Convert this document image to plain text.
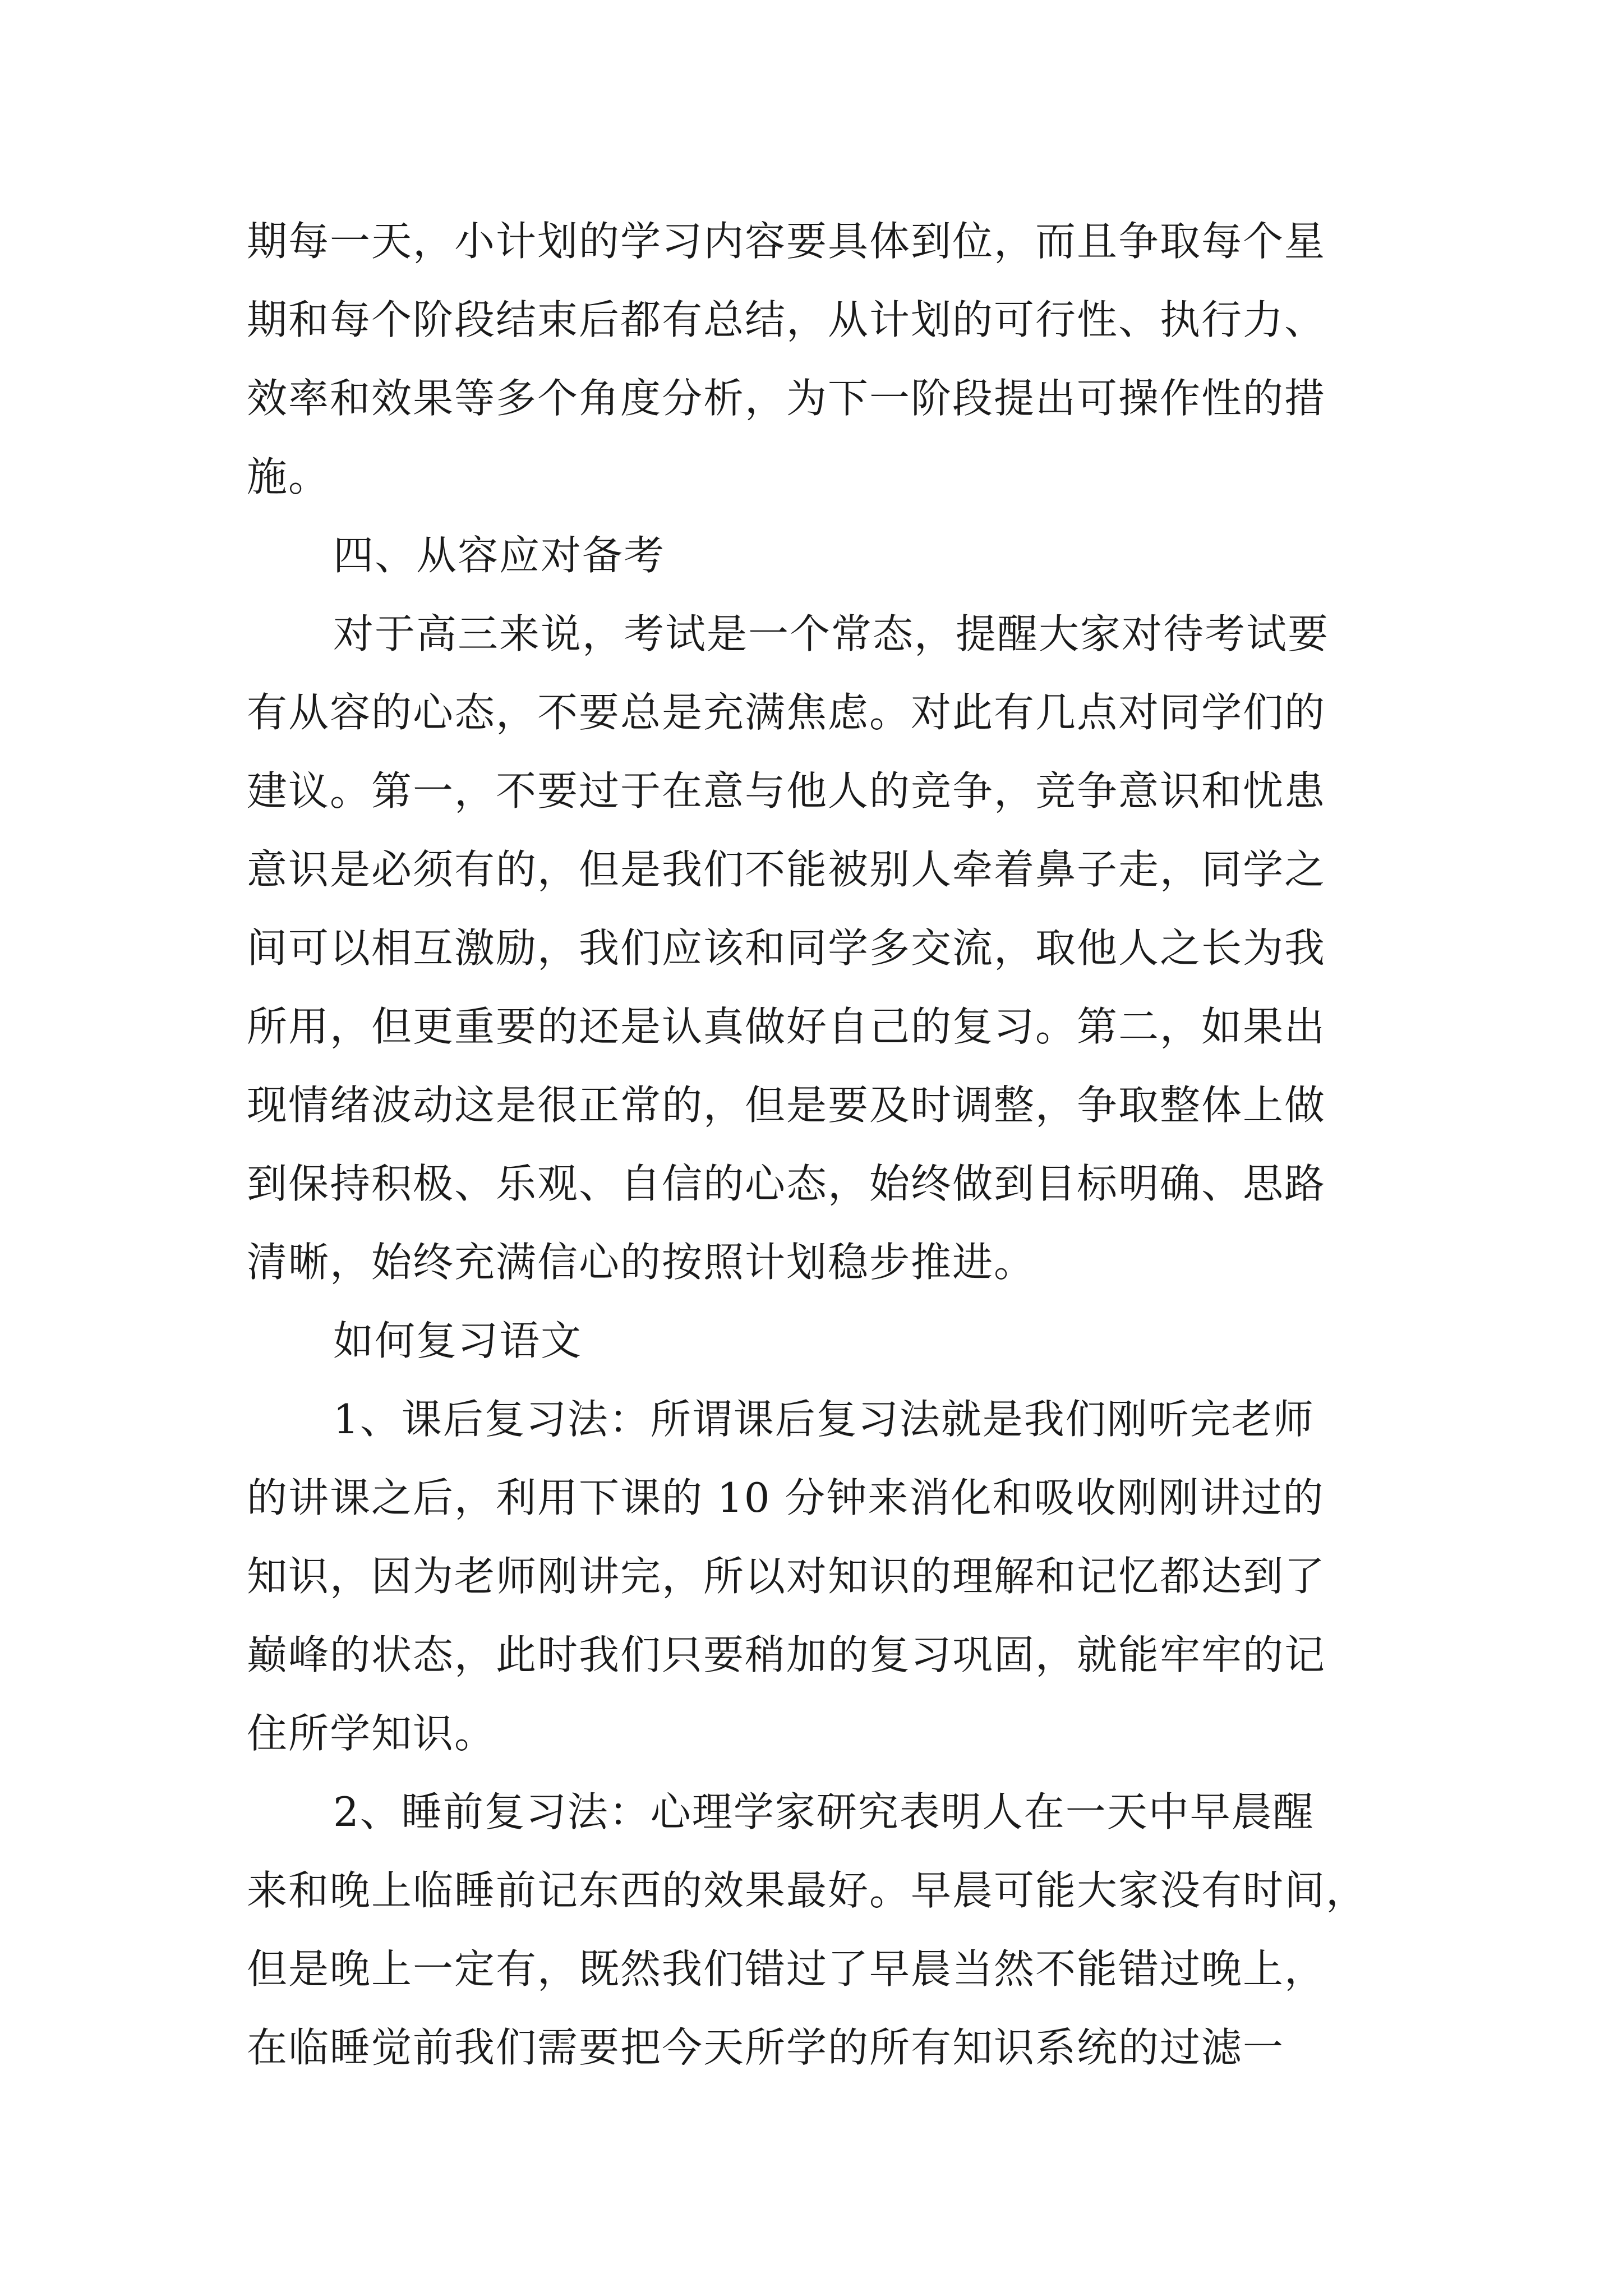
期每一天，小计划的学习内容要具体到位，而且争取每个星
期和每个阶段结束后都有总结，从计划的可行性、执行力、
效率和效果等多个角度分析，为下一阶段提出可操作性的措
施。
四、从容应对备考
对于高三来说，考试是一个常态，提醒大家对待考试要
有从容的心态，不要总是充满焦虑。对此有几点对同学们的
建议。第一，不要过于在意与他人的竞争，竞争意识和忧患
意识是必须有的，但是我们不能被别人牵着鼻子走，同学之
间可以相互激励，我们应该和同学多交流，取他人之长为我
所用，但更重要的还是认真做好自己的复习。第二，如果出
现情绪波动这是很正常的，但是要及时调整，争取整体上做
到保持积极、乐观、自信的心态，始终做到目标明确、思路
清晰，始终充满信心的按照计划稳步推进。
如何复习语文
1、课后复习法：所谓课后复习法就是我们刚听完老师
的讲课之后，利用下课的 10 分钟来消化和吸收刚刚讲过的
知识，因为老师刚讲完，所以对知识的理解和记忆都达到了
巅峰的状态，此时我们只要稍加的复习巩固，就能牢牢的记
住所学知识。
2、睡前复习法：心理学家研究表明人在一天中早晨醒
来和晚上临睡前记东西的效果最好。早晨可能大家没有时间，
但是晚上一定有，既然我们错过了早晨当然不能错过晚上，
在临睡觉前我们需要把今天所学的所有知识系统的过滤一
